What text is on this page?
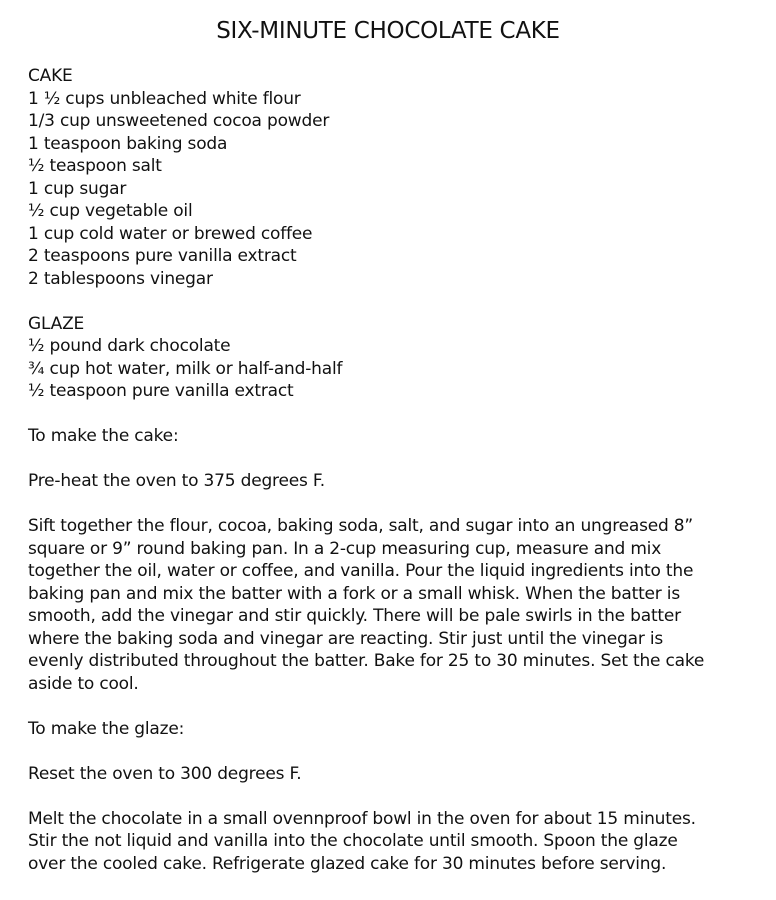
SIX-MINUTE CHOCOLATE CAKE
CAKE
1 ½ cups unbleached white flour
1/3 cup unsweetened cocoa powder
1 teaspoon baking soda
½ teaspoon salt
1 cup sugar
½ cup vegetable oil
1 cup cold water or brewed coffee
2 teaspoons pure vanilla extract
2 tablespoons vinegar
GLAZE
½ pound dark chocolate
¾ cup hot water, milk or half-and-half
½ teaspoon pure vanilla extract
To make the cake:
Pre-heat the oven to 375 degrees F.
Sift together the flour, cocoa, baking soda, salt, and sugar into an ungreased 8”
square or 9” round baking pan. In a 2-cup measuring cup, measure and mix
together the oil, water or coffee, and vanilla. Pour the liquid ingredients into the
baking pan and mix the batter with a fork or a small whisk. When the batter is
smooth, add the vinegar and stir quickly. There will be pale swirls in the batter
where the baking soda and vinegar are reacting. Stir just until the vinegar is
evenly distributed throughout the batter. Bake for 25 to 30 minutes. Set the cake
aside to cool.
To make the glaze:
Reset the oven to 300 degrees F.
Melt the chocolate in a small ovennproof bowl in the oven for about 15 minutes.
Stir the not liquid and vanilla into the chocolate until smooth. Spoon the glaze
over the cooled cake. Refrigerate glazed cake for 30 minutes before serving.
